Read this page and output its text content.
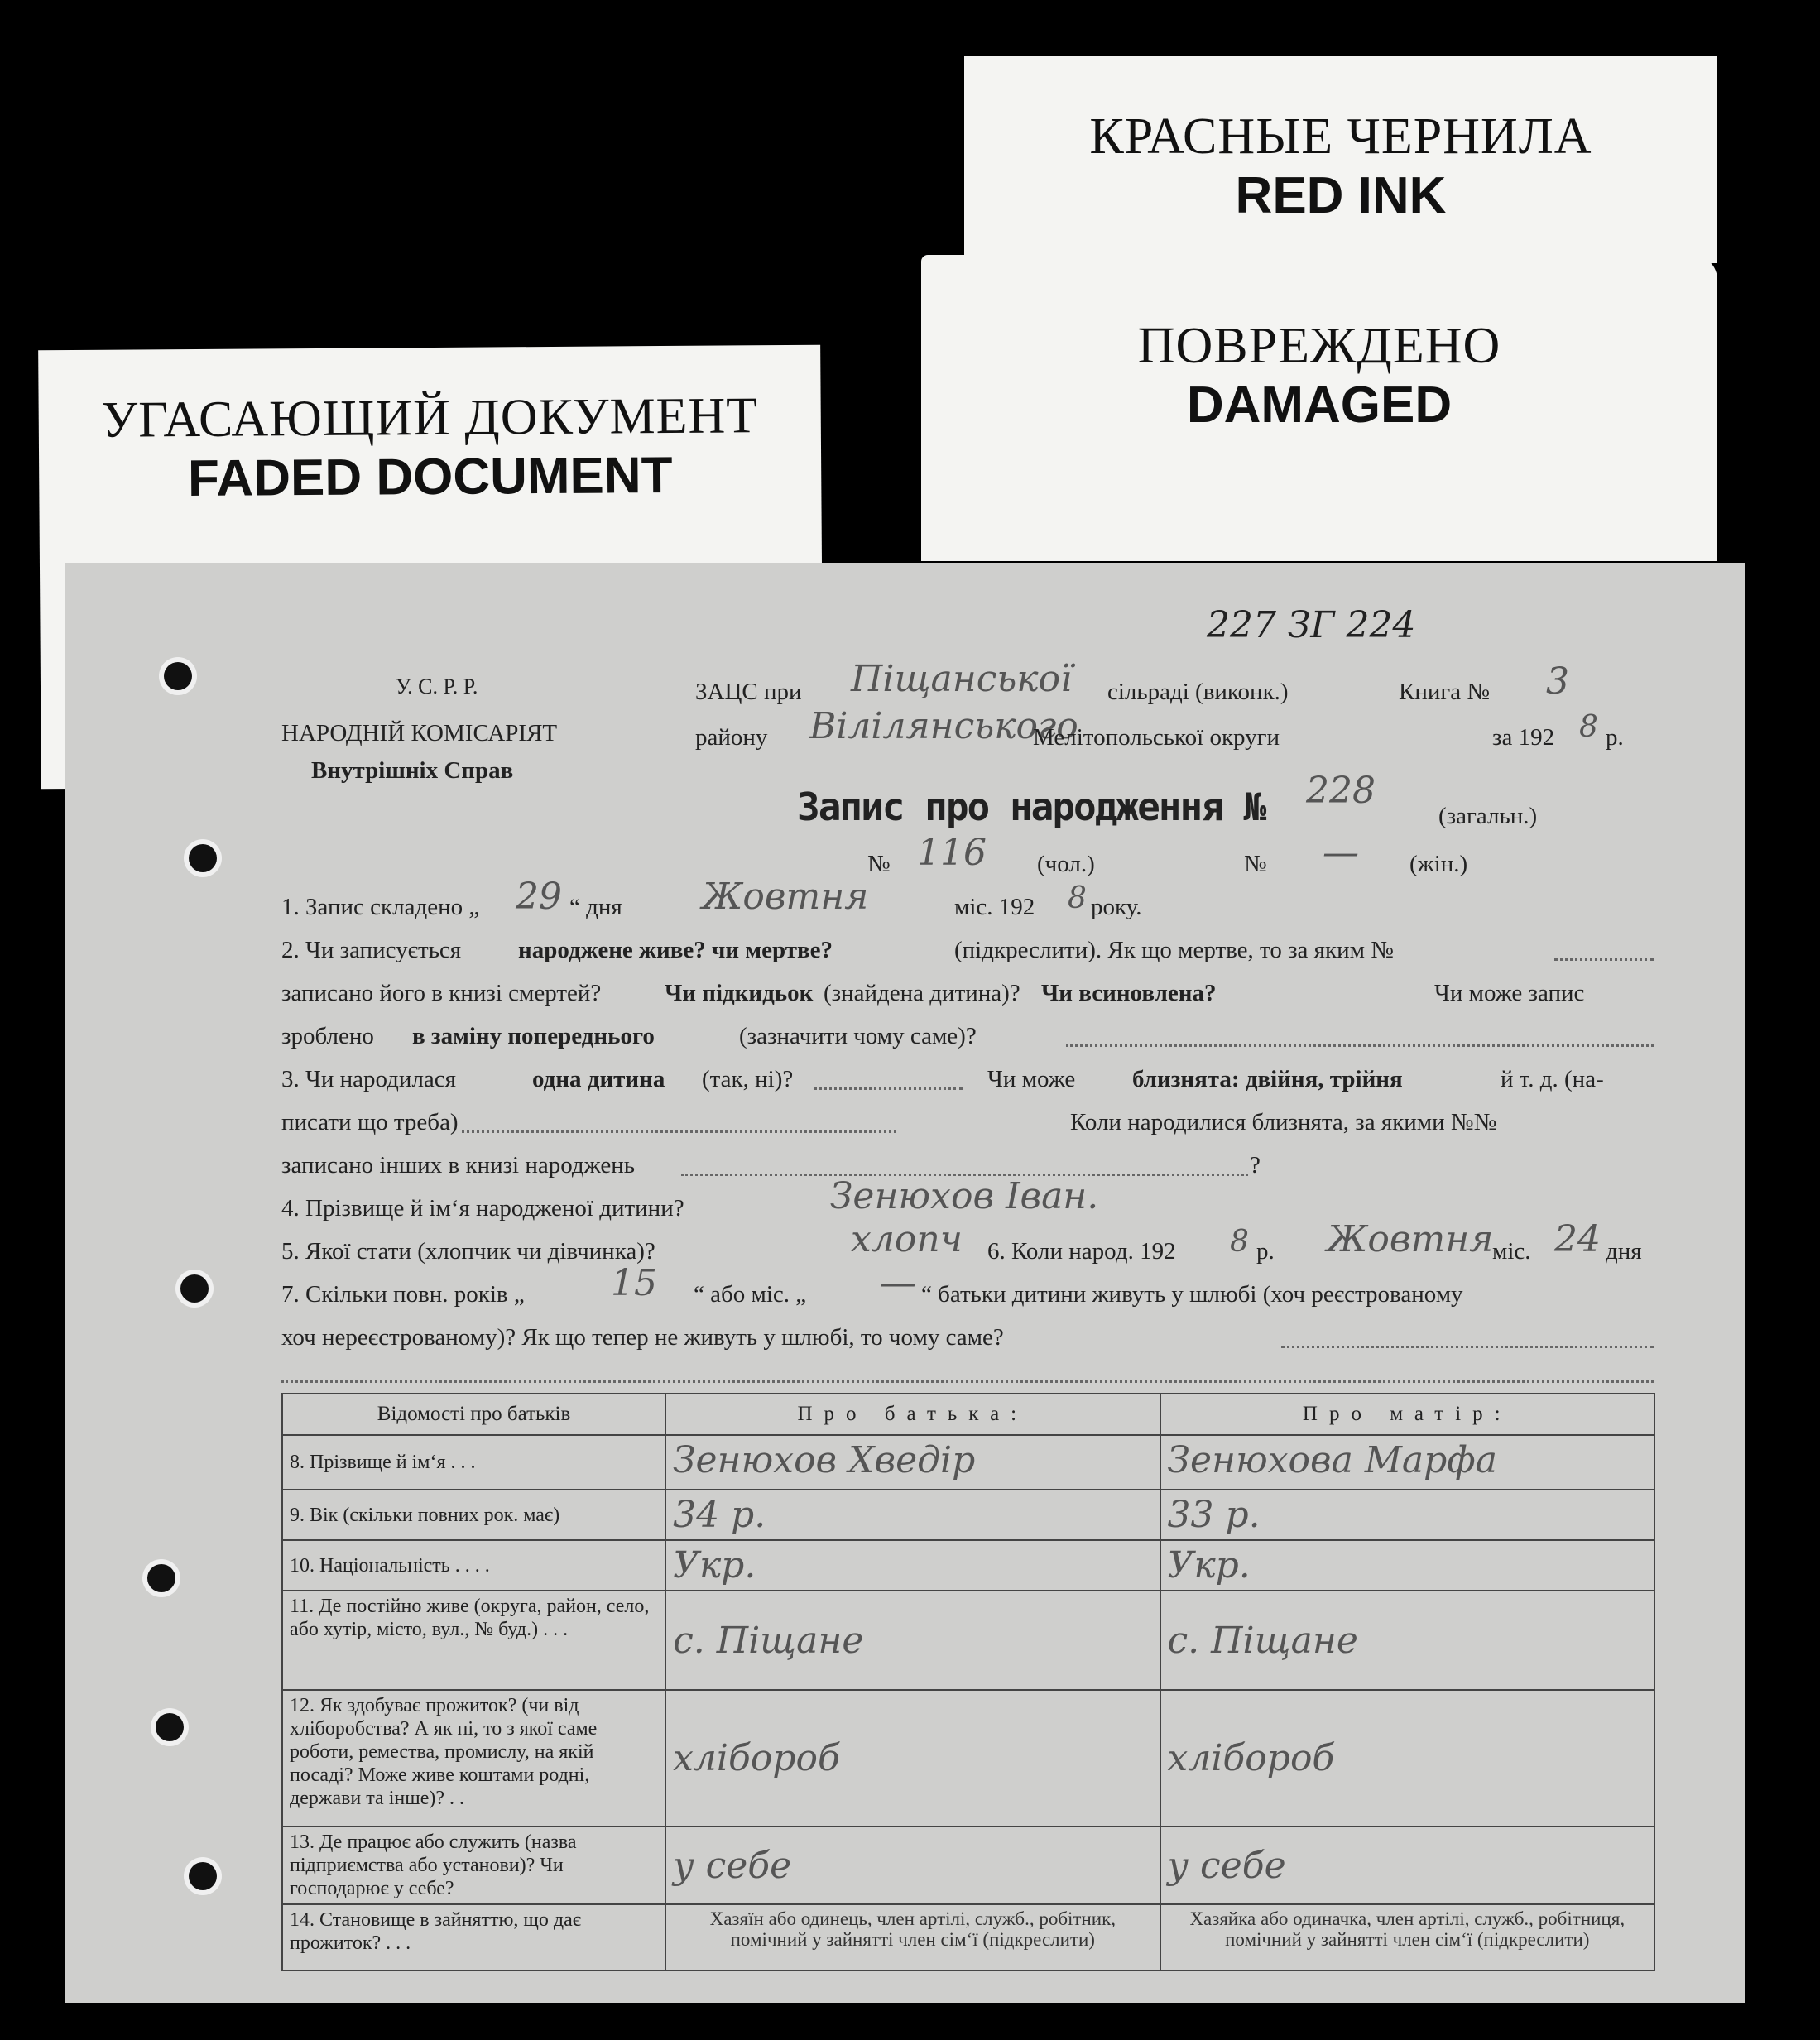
КРАСНЫЕ ЧЕРНИЛА
RED INK
ПОВРЕЖДЕНО
DAMAGED
УГАСАЮЩИЙ ДОКУМЕНТ
FADED DOCUMENT
227 ЗГ 224
У. С. Р. Р.
НАРОДНІЙ КОМІСАРІЯТ
Внутрішніх Справ
ЗАЦС при Піщанської сільраді (виконк.)	Книга № 3
району Вілілянського
Мелітопольської округи	за 192 8 р.
Запис про народження № 228
(загальн.)
№ 116 (чол.)	№ — (жін.)
1. Запис складено „ 29 “ дня Жовтня	міс. 192 8 року.
2. Чи записується народжене живе? чи мертве?	(підкреслити). Як що мертве, то за яким №
записано його в книзі смертей?	Чи підкидьок (знайдена дитина)? Чи всиновлена?	Чи може запис
зроблено в заміну попереднього	(зазначити чому саме)?
3. Чи народилася	одна дитина (так, ні)?	Чи може близнята: двійня, трійня	й т. д. (на-
писати що треба)	Коли народилися близнята, за якими №№
записано інших в книзі народжень	?
4. Прізвище й ім‘я народженої дитини?	Зенюхов Іван.
5. Якої стати (хлопчик чи дівчинка)?	хлопч 6. Коли народ. 192 8 р. Жовтня
міс. 24 дня
7. Скільки повн. років „ 15 “ або міс. „ — “ батьки дитини живуть у шлюбі (хоч реєстрованому
хоч нереєстрованому)? Як що тепер не живуть у шлюбі, то чому саме?
Відомості про батьків	Про батька:	Про матір:
8. Прізвище й ім‘я . . .	Зенюхов Хведір	Зенюхова Марфа
9. Вік (скільки повних рок. має)	34 р.	33 р.
10. Національність . . . .	Укр.	Укр.
11. Де постійно живе (округа, район, село, або хутір, місто, вул., № буд.) . . .	с. Піщане	с. Піщане
12. Як здобуває прожиток? (чи від хліборобства? А як ні, то з якої саме роботи, ремества, промислу, на якій посаді? Може живе коштами родні, держави та інше)? . .	хлібороб	хлібороб
13. Де працює або служить (назва підприємства або установи)? Чи господарює у себе?	у себе	у себе
14. Становище в зайняттю, що дає прожиток? . . .	Хазяїн або одинець, член артілі, служб., робітник, помічний у зайнятті член сім‘ї (підкреслити)	Хазяйка або одиначка, член артілі, служб., робітниця, помічний у зайнятті член сім‘ї (підкреслити)
